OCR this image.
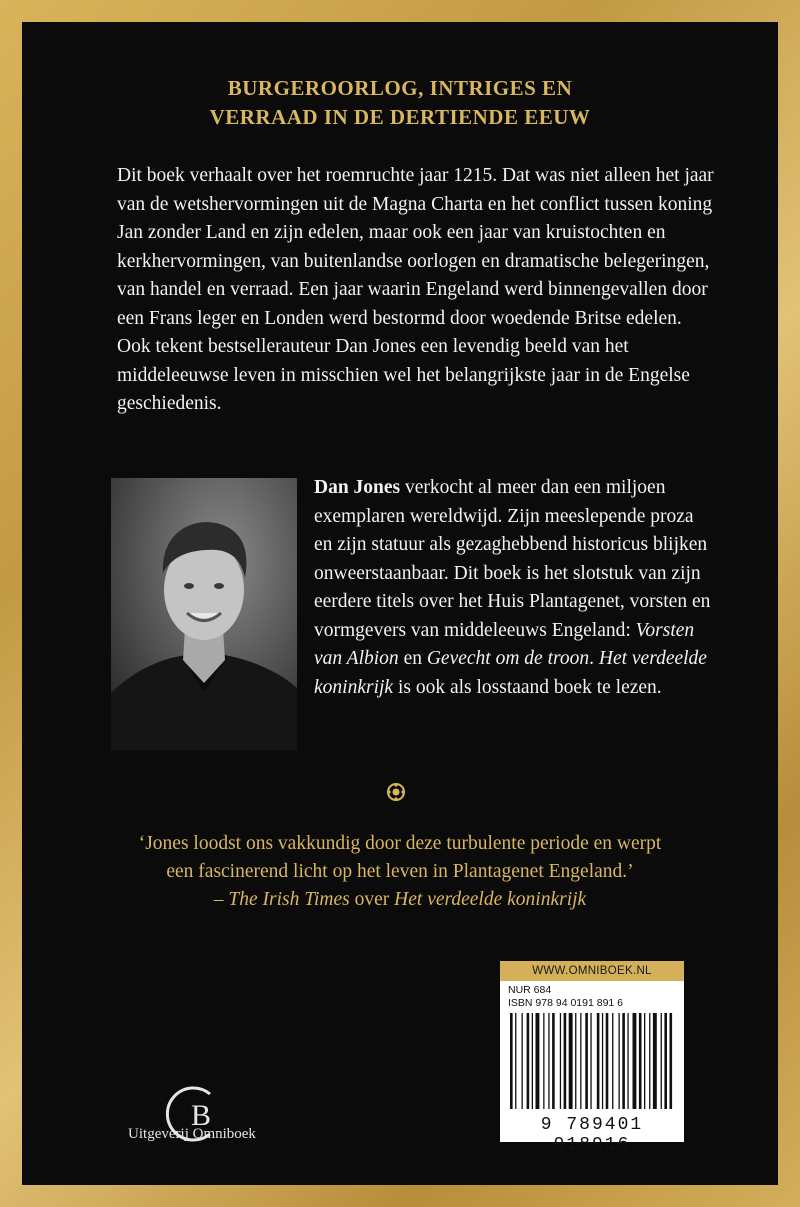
BURGEROORLOG, INTRIGES EN
VERRAAD IN DE DERTIENDE EEUW

Dit boek verhaalt over het roemruchte jaar 1215. Dat was niet alleen het jaar van de wetshervormingen uit de Magna Charta en het conflict tussen koning Jan zonder Land en zijn edelen, maar ook een jaar van kruistochten en kerkhervormingen, van buitenlandse oorlogen en dramatische belegeringen, van handel en verraad. Een jaar waarin Engeland werd binnengevallen door een Frans leger en Londen werd bestormd door woedende Britse edelen. Ook tekent bestsellerauteur Dan Jones een levendig beeld van het middeleeuwse leven in misschien wel het belangrijkste jaar in de Engelse geschiedenis.

Dan Jones verkocht al meer dan een miljoen exemplaren wereldwijd. Zijn meeslepende proza en zijn statuur als gezaghebbend historicus blijken onweerstaanbaar. Dit boek is het slotstuk van zijn eerdere titels over het Huis Plantagenet, vorsten en vormgevers van middeleeuws Engeland: Vorsten van Albion en Gevecht om de troon. Het verdeelde koninkrijk is ook als losstaand boek te lezen.
‘Jones loodst ons vakkundig door deze turbulente periode en werpt
een fascinerend licht op het leven in Plantagenet Engeland.’
– The Irish Times over Het verdeelde koninkrijk
B
Uitgeverij Omniboek
WWW.OMNIBOEK.NL
NUR 684
ISBN 978 94 0191 891 6
9 789401 918916
